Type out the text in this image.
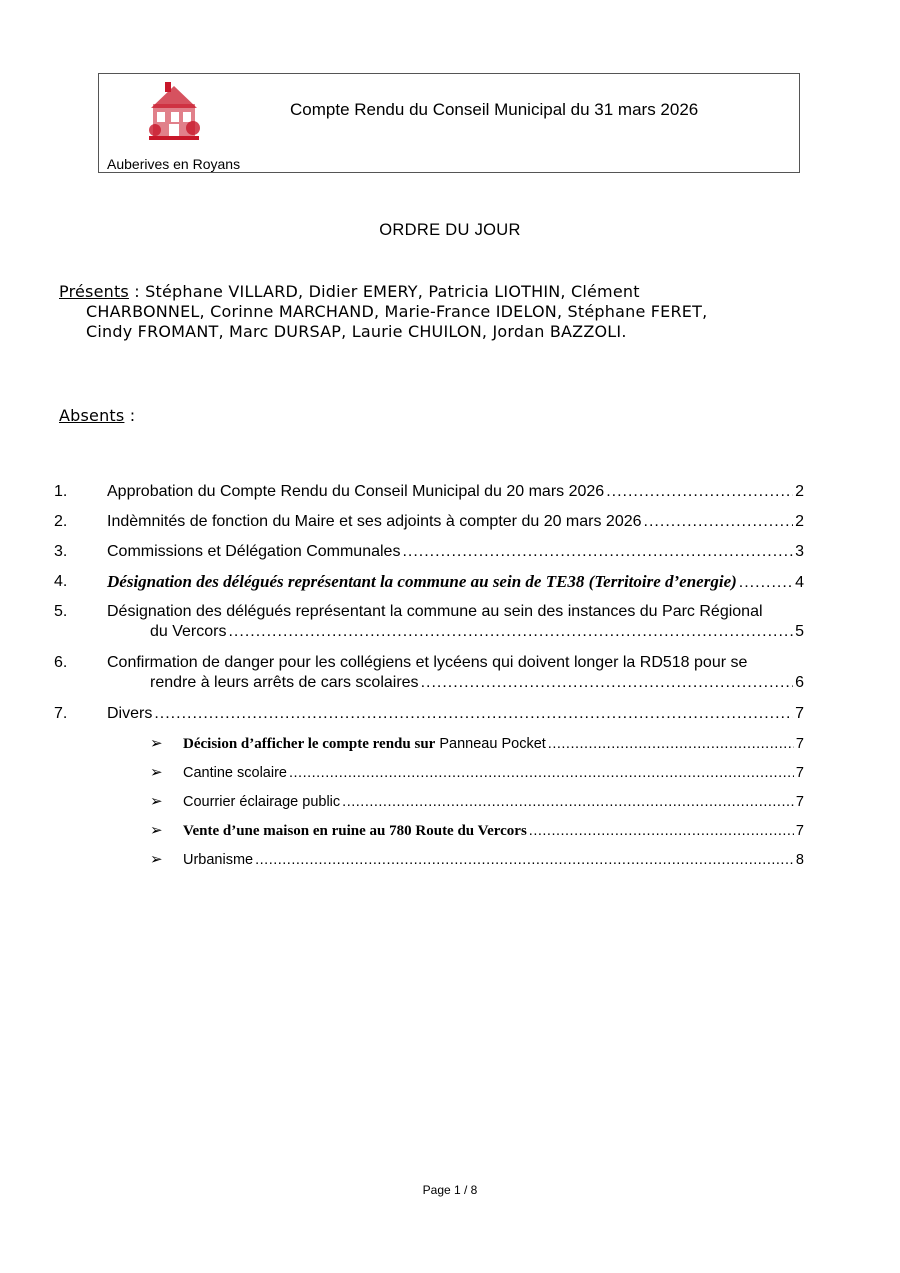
Compte Rendu du Conseil Municipal du 31 mars 2026
Auberives en Royans
ORDRE DU JOUR
Présents : Stéphane VILLARD, Didier EMERY, Patricia LIOTHIN, Clément
CHARBONNEL, Corinne MARCHAND, Marie-France IDELON, Stéphane FERET,
Cindy FROMANT, Marc DURSAP, Laurie CHUILON, Jordan BAZZOLI.
Absents :
1. Approbation du Compte Rendu du Conseil Municipal du 20 mars 2026 .....	2
2. Indèmnités de fonction du Maire et ses adjoints à compter du 20 mars 2026 .....	2
3. Commissions et Délégation Communales .....	3
4. Désignation des délégués représentant la commune au sein de TE38 (Territoire d’energie) .....	4
5. Désignation des délégués représentant la commune au sein des instances du Parc Régional
du Vercors .....	5
6. Confirmation de danger pour les collégiens et lycéens qui doivent longer la RD518 pour se
rendre à leurs arrêts de cars scolaires .....	6
7. Divers .....	7
➢ Décision d’afficher le compte rendu sur Panneau Pocket .....	7
➢ Cantine scolaire .....	7
➢ Courrier éclairage public .....	7
➢ Vente d’une maison en ruine au 780 Route du Vercors .....	7
➢ Urbanisme .....	8
Page 1 / 8
